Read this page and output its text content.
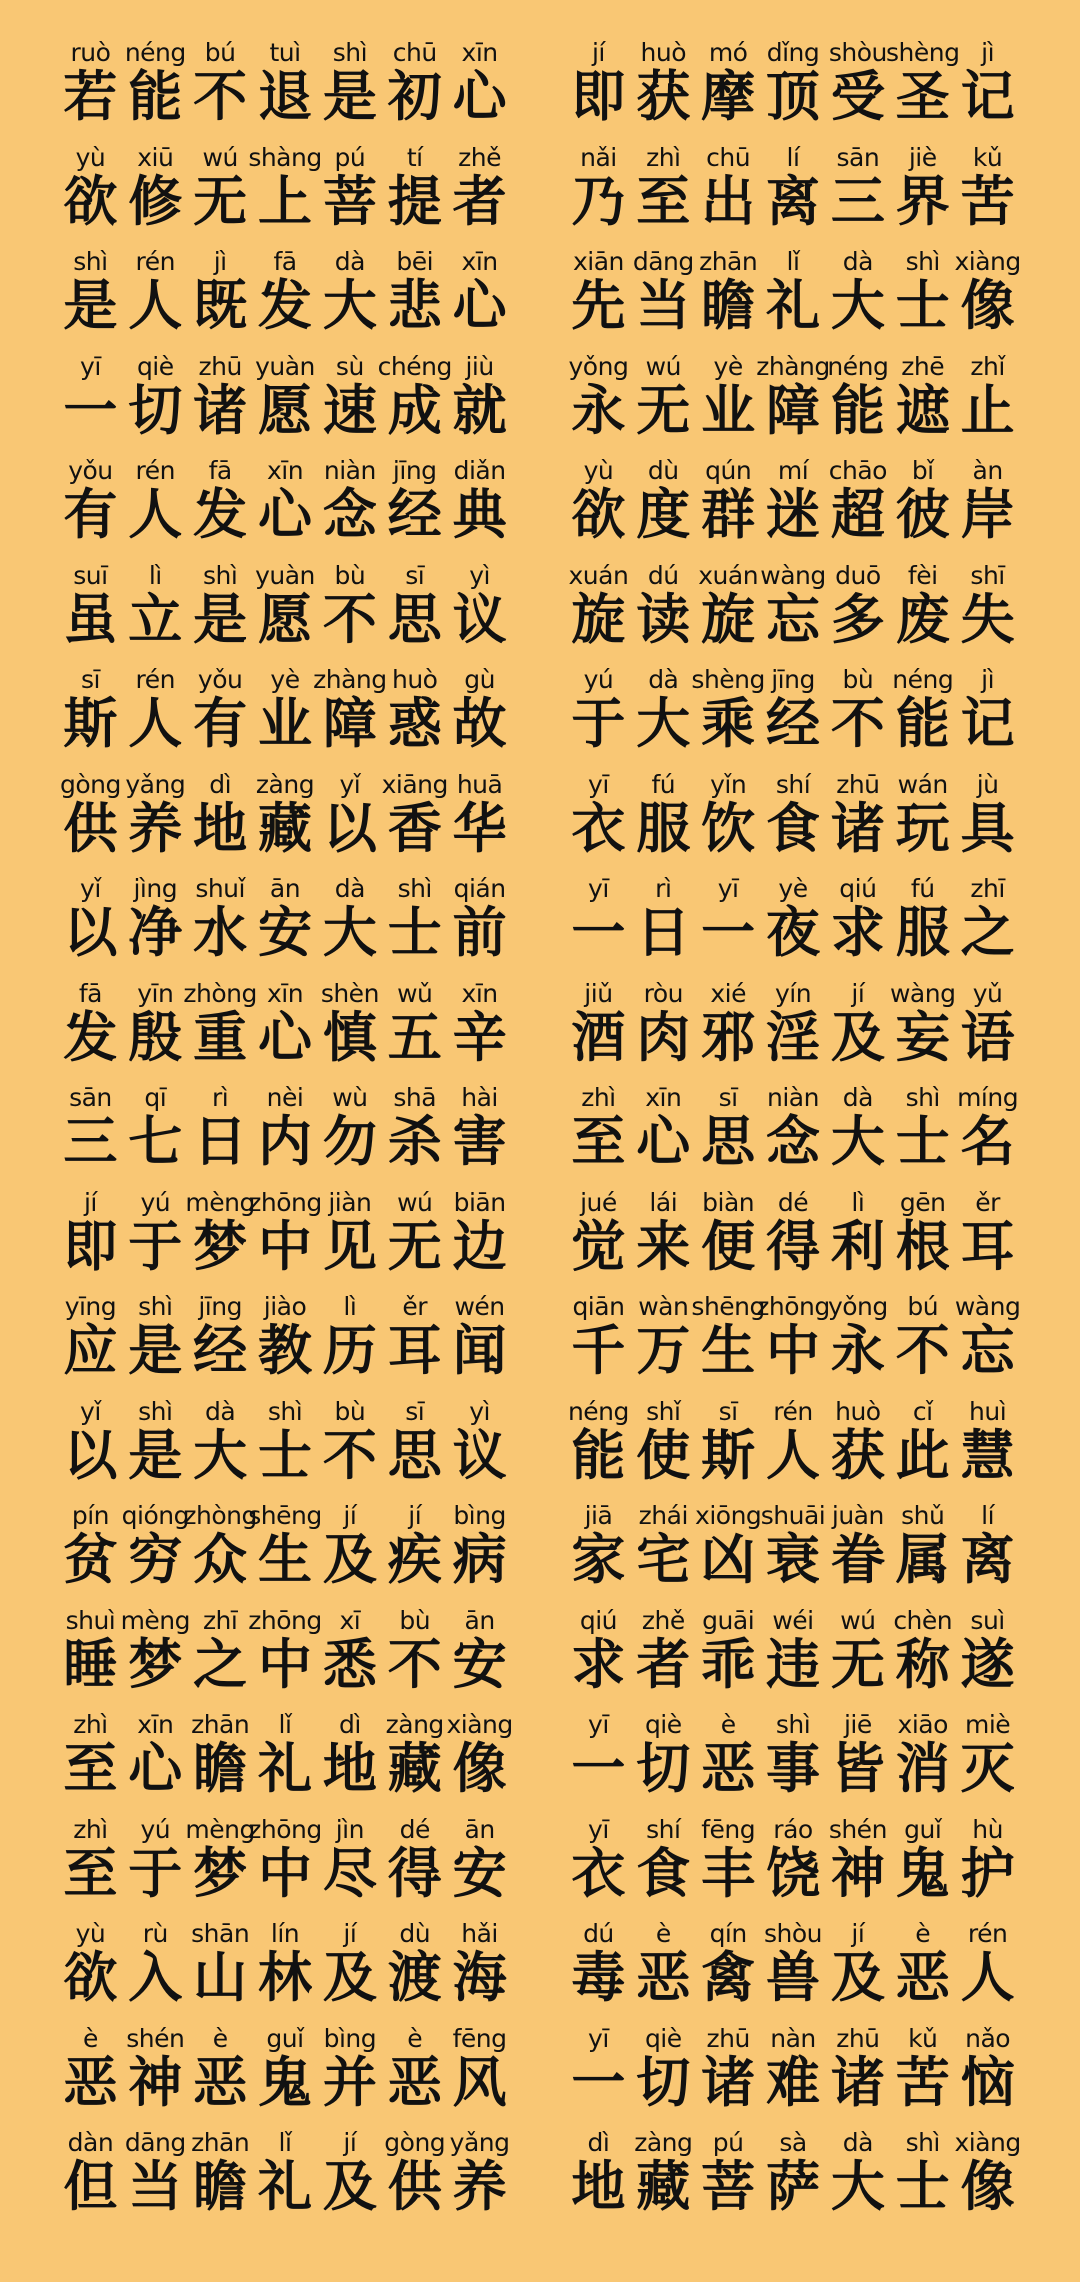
ruò
若
néng
能
bú
不
tuì
退
shì
是
chū
初
xīn
心
jí
即
huò
获
mó
摩
dǐng
顶
shòu
受
shèng
圣
jì
记
yù
欲
xiū
修
wú
无
shàng
上
pú
菩
tí
提
zhě
者
nǎi
乃
zhì
至
chū
出
lí
离
sān
三
jiè
界
kǔ
苦
shì
是
rén
人
jì
既
fā
发
dà
大
bēi
悲
xīn
心
xiān
先
dāng
当
zhān
瞻
lǐ
礼
dà
大
shì
士
xiàng
像
yī
一
qiè
切
zhū
诸
yuàn
愿
sù
速
chéng
成
jiù
就
yǒng
永
wú
无
yè
业
zhàng
障
néng
能
zhē
遮
zhǐ
止
yǒu
有
rén
人
fā
发
xīn
心
niàn
念
jīng
经
diǎn
典
yù
欲
dù
度
qún
群
mí
迷
chāo
超
bǐ
彼
àn
岸
suī
虽
lì
立
shì
是
yuàn
愿
bù
不
sī
思
yì
议
xuán
旋
dú
读
xuán
旋
wàng
忘
duō
多
fèi
废
shī
失
sī
斯
rén
人
yǒu
有
yè
业
zhàng
障
huò
惑
gù
故
yú
于
dà
大
shèng
乘
jīng
经
bù
不
néng
能
jì
记
gòng
供
yǎng
养
dì
地
zàng
藏
yǐ
以
xiāng
香
huā
华
yī
衣
fú
服
yǐn
饮
shí
食
zhū
诸
wán
玩
jù
具
yǐ
以
jìng
净
shuǐ
水
ān
安
dà
大
shì
士
qián
前
yī
一
rì
日
yī
一
yè
夜
qiú
求
fú
服
zhī
之
fā
发
yīn
殷
zhòng
重
xīn
心
shèn
慎
wǔ
五
xīn
辛
jiǔ
酒
ròu
肉
xié
邪
yín
淫
jí
及
wàng
妄
yǔ
语
sān
三
qī
七
rì
日
nèi
内
wù
勿
shā
杀
hài
害
zhì
至
xīn
心
sī
思
niàn
念
dà
大
shì
士
míng
名
jí
即
yú
于
mèng
梦
zhōng
中
jiàn
见
wú
无
biān
边
jué
觉
lái
来
biàn
便
dé
得
lì
利
gēn
根
ěr
耳
yīng
应
shì
是
jīng
经
jiào
教
lì
历
ěr
耳
wén
闻
qiān
千
wàn
万
shēng
生
zhōng
中
yǒng
永
bú
不
wàng
忘
yǐ
以
shì
是
dà
大
shì
士
bù
不
sī
思
yì
议
néng
能
shǐ
使
sī
斯
rén
人
huò
获
cǐ
此
huì
慧
pín
贫
qióng
穷
zhòng
众
shēng
生
jí
及
jí
疾
bìng
病
jiā
家
zhái
宅
xiōng
凶
shuāi
衰
juàn
眷
shǔ
属
lí
离
shuì
睡
mèng
梦
zhī
之
zhōng
中
xī
悉
bù
不
ān
安
qiú
求
zhě
者
guāi
乖
wéi
违
wú
无
chèn
称
suì
遂
zhì
至
xīn
心
zhān
瞻
lǐ
礼
dì
地
zàng
藏
xiàng
像
yī
一
qiè
切
è
恶
shì
事
jiē
皆
xiāo
消
miè
灭
zhì
至
yú
于
mèng
梦
zhōng
中
jìn
尽
dé
得
ān
安
yī
衣
shí
食
fēng
丰
ráo
饶
shén
神
guǐ
鬼
hù
护
yù
欲
rù
入
shān
山
lín
林
jí
及
dù
渡
hǎi
海
dú
毒
è
恶
qín
禽
shòu
兽
jí
及
è
恶
rén
人
è
恶
shén
神
è
恶
guǐ
鬼
bìng
并
è
恶
fēng
风
yī
一
qiè
切
zhū
诸
nàn
难
zhū
诸
kǔ
苦
nǎo
恼
dàn
但
dāng
当
zhān
瞻
lǐ
礼
jí
及
gòng
供
yǎng
养
dì
地
zàng
藏
pú
菩
sà
萨
dà
大
shì
士
xiàng
像
